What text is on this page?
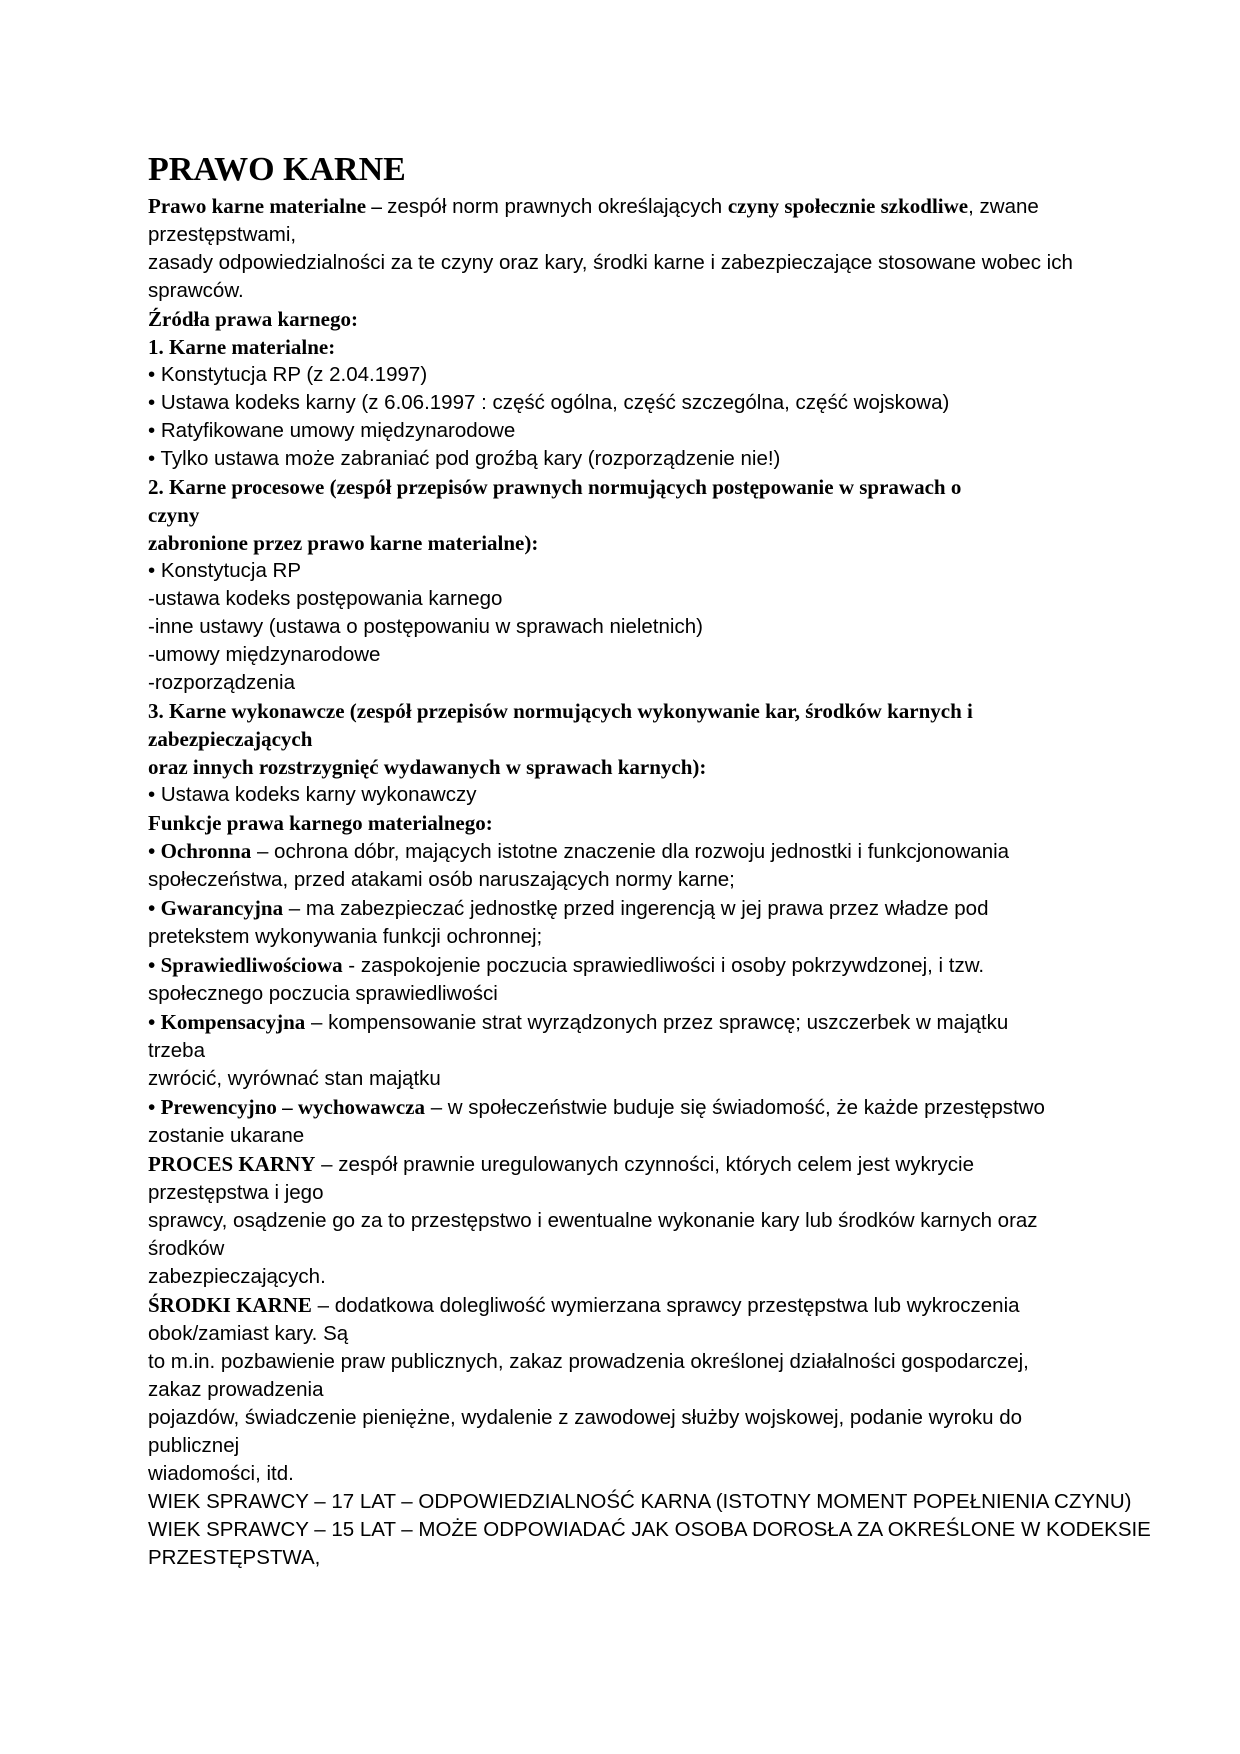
PRAWO KARNE
Prawo karne materialne – zespół norm prawnych określających czyny społecznie szkodliwe, zwane
przestępstwami,
zasady odpowiedzialności za te czyny oraz kary, środki karne i zabezpieczające stosowane wobec ich
sprawców.
Źródła prawa karnego:
1. Karne materialne:
• Konstytucja RP (z 2.04.1997)
• Ustawa kodeks karny (z 6.06.1997 : część ogólna, część szczególna, część wojskowa)
• Ratyfikowane umowy międzynarodowe
• Tylko ustawa może zabraniać pod groźbą kary (rozporządzenie nie!)
2. Karne procesowe (zespół przepisów prawnych normujących postępowanie w sprawach o
czyny
zabronione przez prawo karne materialne):
• Konstytucja RP
-ustawa kodeks postępowania karnego
-inne ustawy (ustawa o postępowaniu w sprawach nieletnich)
-umowy międzynarodowe
-rozporządzenia
3. Karne wykonawcze (zespół przepisów normujących wykonywanie kar, środków karnych i
zabezpieczających
oraz innych rozstrzygnięć wydawanych w sprawach karnych):
• Ustawa kodeks karny wykonawczy
Funkcje prawa karnego materialnego:
• Ochronna – ochrona dóbr, mających istotne znaczenie dla rozwoju jednostki i funkcjonowania
społeczeństwa, przed atakami osób naruszających normy karne;
• Gwarancyjna – ma zabezpieczać jednostkę przed ingerencją w jej prawa przez władze pod
pretekstem wykonywania funkcji ochronnej;
• Sprawiedliwościowa - zaspokojenie poczucia sprawiedliwości i osoby pokrzywdzonej, i tzw.
społecznego poczucia sprawiedliwości
• Kompensacyjna – kompensowanie strat wyrządzonych przez sprawcę; uszczerbek w majątku
trzeba
zwrócić, wyrównać stan majątku
• Prewencyjno – wychowawcza – w społeczeństwie buduje się świadomość, że każde przestępstwo
zostanie ukarane
PROCES KARNY – zespół prawnie uregulowanych czynności, których celem jest wykrycie
przestępstwa i jego
sprawcy, osądzenie go za to przestępstwo i ewentualne wykonanie kary lub środków karnych oraz
środków
zabezpieczających.
ŚRODKI KARNE – dodatkowa dolegliwość wymierzana sprawcy przestępstwa lub wykroczenia
obok/zamiast kary. Są
to m.in. pozbawienie praw publicznych, zakaz prowadzenia określonej działalności gospodarczej,
zakaz prowadzenia
pojazdów, świadczenie pieniężne, wydalenie z zawodowej służby wojskowej, podanie wyroku do
publicznej
wiadomości, itd.
WIEK SPRAWCY – 17 LAT – ODPOWIEDZIALNOŚĆ KARNA (ISTOTNY MOMENT POPEŁNIENIA CZYNU)
WIEK SPRAWCY – 15 LAT – MOŻE ODPOWIADAĆ JAK OSOBA DOROSŁA ZA OKREŚLONE W KODEKSIE
PRZESTĘPSTWA,
